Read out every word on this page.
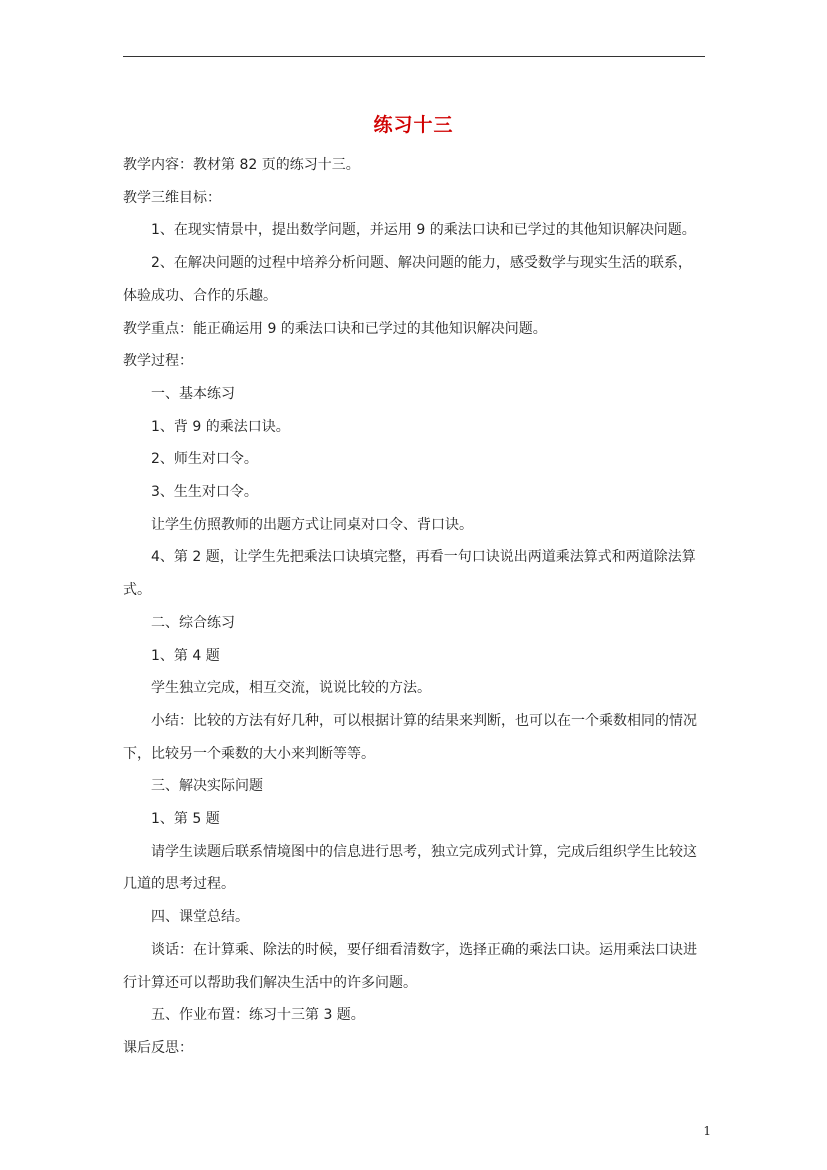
练习十三

教学内容：教材第 82 页的练习十三。

教学三维目标：

1、在现实情景中，提出数学问题，并运用 9 的乘法口诀和已学过的其他知识解决问题。

2、在解决问题的过程中培养分析问题、解决问题的能力，感受数学与现实生活的联系，体验成功、合作的乐趣。

教学重点：能正确运用 9 的乘法口诀和已学过的其他知识解决问题。

教学过程：

一、基本练习

1、背 9 的乘法口诀。

2、师生对口令。

3、生生对口令。

让学生仿照教师的出题方式让同桌对口令、背口诀。

4、第 2 题，让学生先把乘法口诀填完整，再看一句口诀说出两道乘法算式和两道除法算式。

二、综合练习

1、第 4 题

学生独立完成，相互交流，说说比较的方法。

小结：比较的方法有好几种，可以根据计算的结果来判断，也可以在一个乘数相同的情况下，比较另一个乘数的大小来判断等等。

三、解决实际问题

1、第 5 题

请学生读题后联系情境图中的信息进行思考，独立完成列式计算，完成后组织学生比较这几道的思考过程。

四、课堂总结。

谈话：在计算乘、除法的时候，要仔细看清数字，选择正确的乘法口诀。运用乘法口诀进行计算还可以帮助我们解决生活中的许多问题。

五、作业布置：练习十三第 3 题。

课后反思：

1
